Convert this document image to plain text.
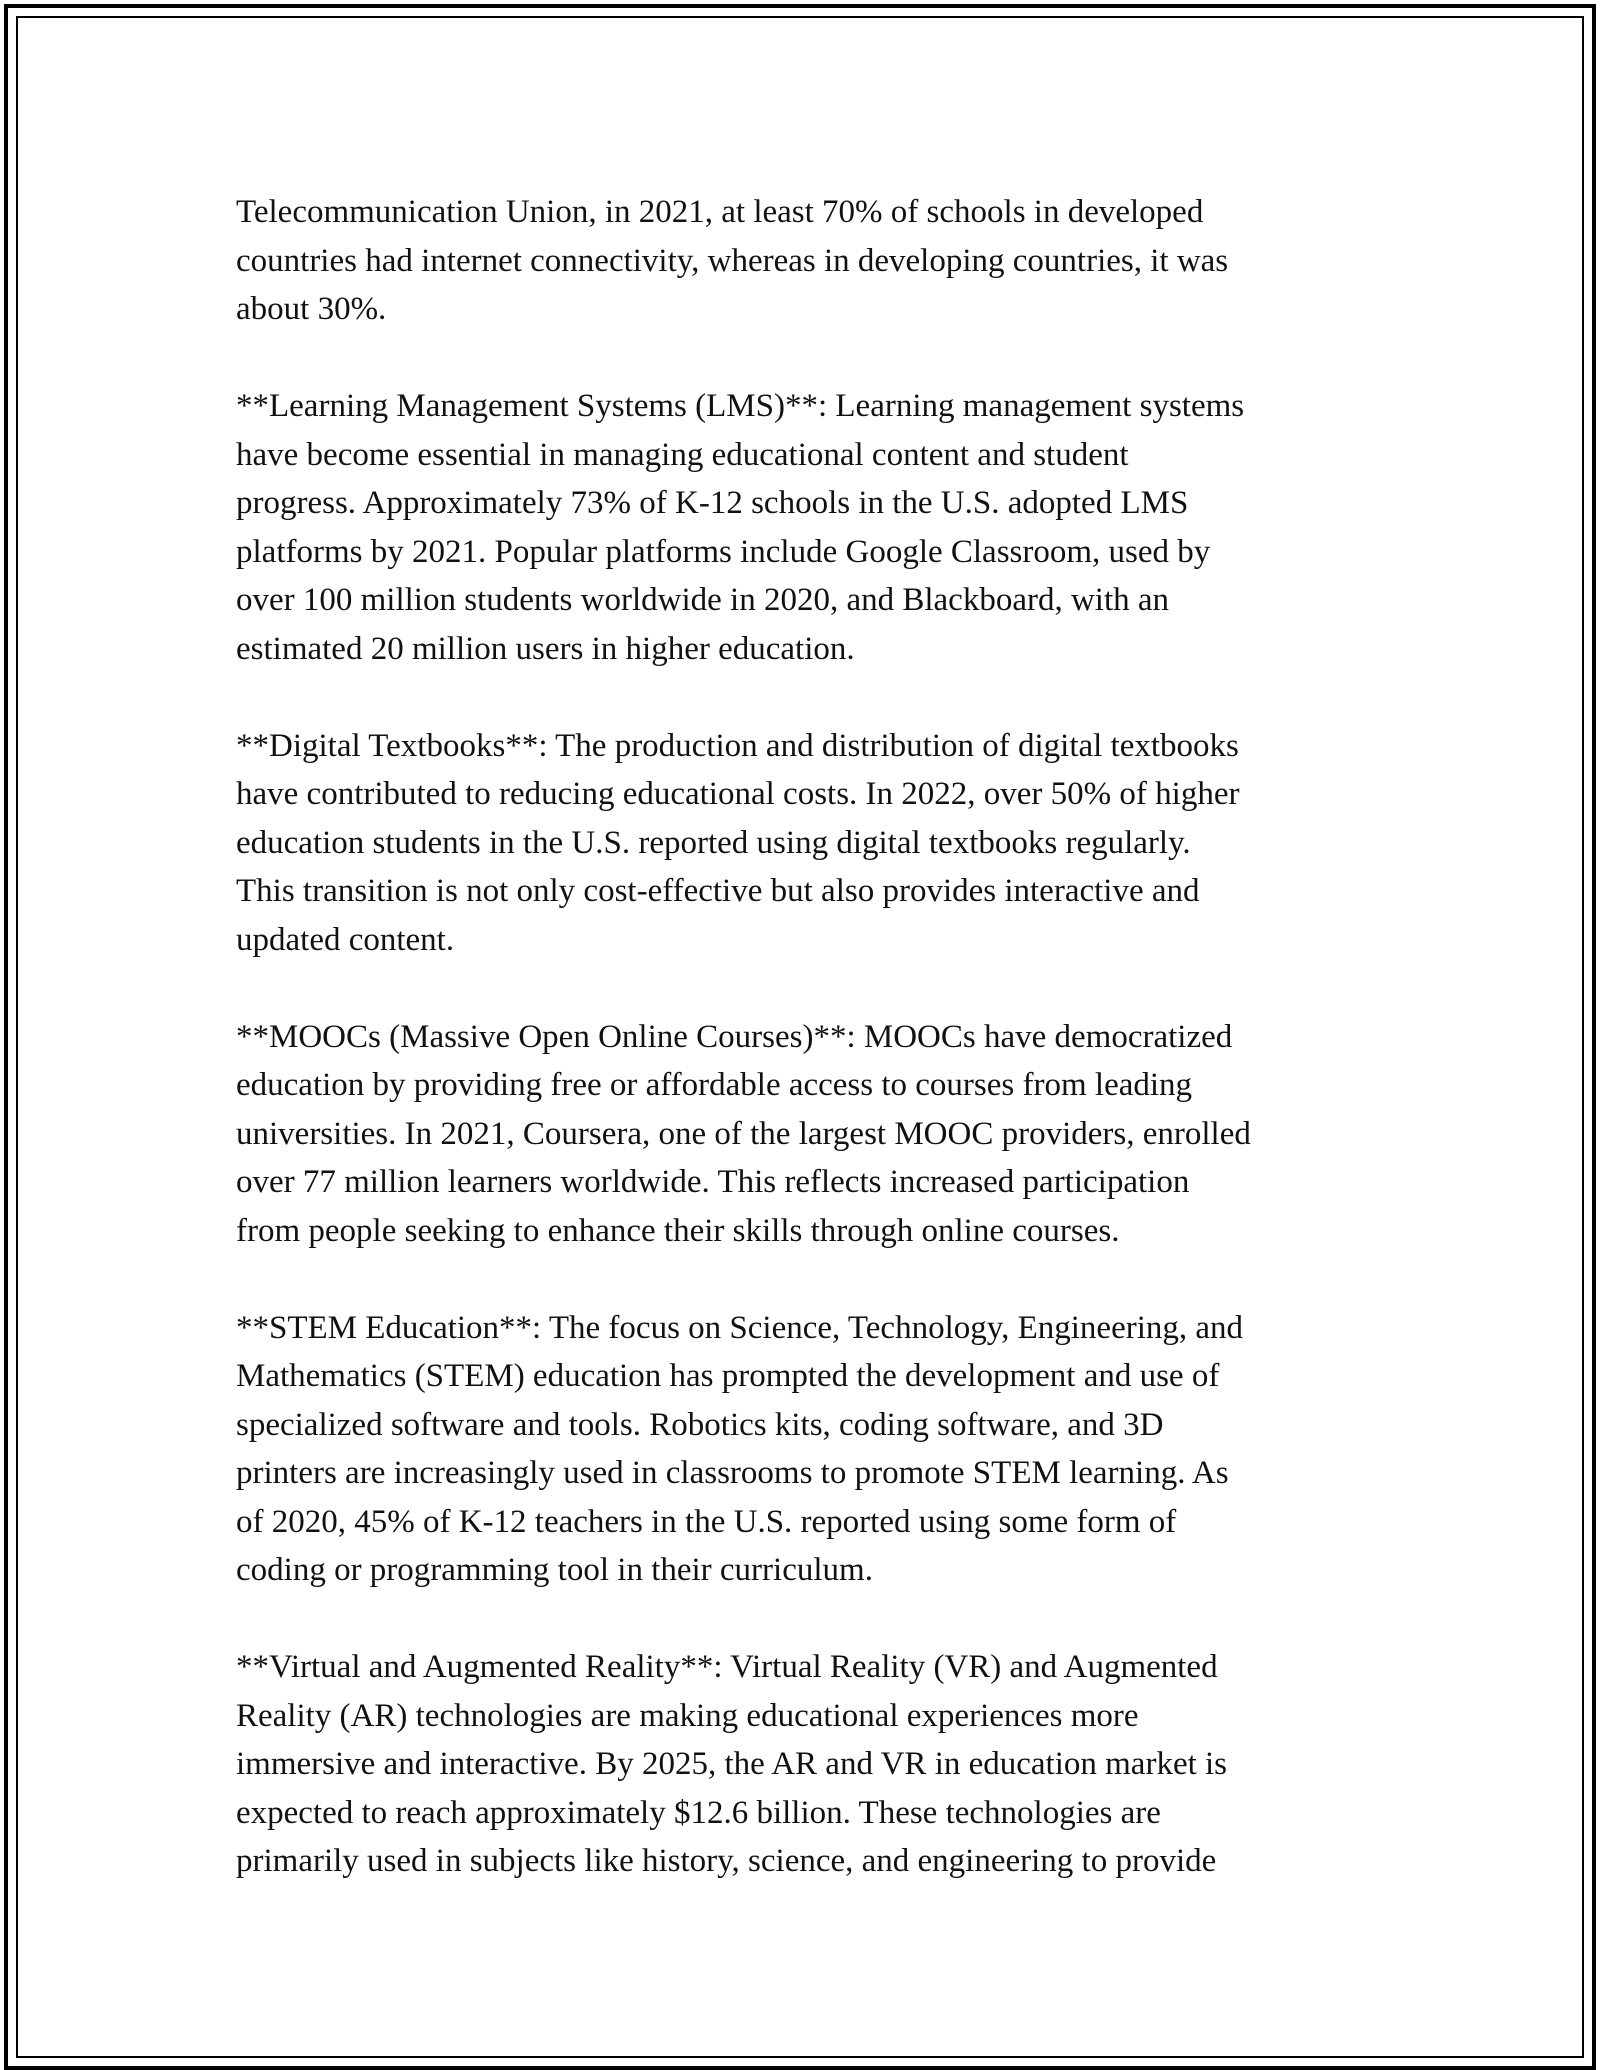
Telecommunication Union, in 2021, at least 70% of schools in developed
countries had internet connectivity, whereas in developing countries, it was
about 30%.

**Learning Management Systems (LMS)**: Learning management systems
have become essential in managing educational content and student
progress. Approximately 73% of K-12 schools in the U.S. adopted LMS
platforms by 2021. Popular platforms include Google Classroom, used by
over 100 million students worldwide in 2020, and Blackboard, with an
estimated 20 million users in higher education.

**Digital Textbooks**: The production and distribution of digital textbooks
have contributed to reducing educational costs. In 2022, over 50% of higher
education students in the U.S. reported using digital textbooks regularly.
This transition is not only cost-effective but also provides interactive and
updated content.

**MOOCs (Massive Open Online Courses)**: MOOCs have democratized
education by providing free or affordable access to courses from leading
universities. In 2021, Coursera, one of the largest MOOC providers, enrolled
over 77 million learners worldwide. This reflects increased participation
from people seeking to enhance their skills through online courses.

**STEM Education**: The focus on Science, Technology, Engineering, and
Mathematics (STEM) education has prompted the development and use of
specialized software and tools. Robotics kits, coding software, and 3D
printers are increasingly used in classrooms to promote STEM learning. As
of 2020, 45% of K-12 teachers in the U.S. reported using some form of
coding or programming tool in their curriculum.

**Virtual and Augmented Reality**: Virtual Reality (VR) and Augmented
Reality (AR) technologies are making educational experiences more
immersive and interactive. By 2025, the AR and VR in education market is
expected to reach approximately $12.6 billion. These technologies are
primarily used in subjects like history, science, and engineering to provide
